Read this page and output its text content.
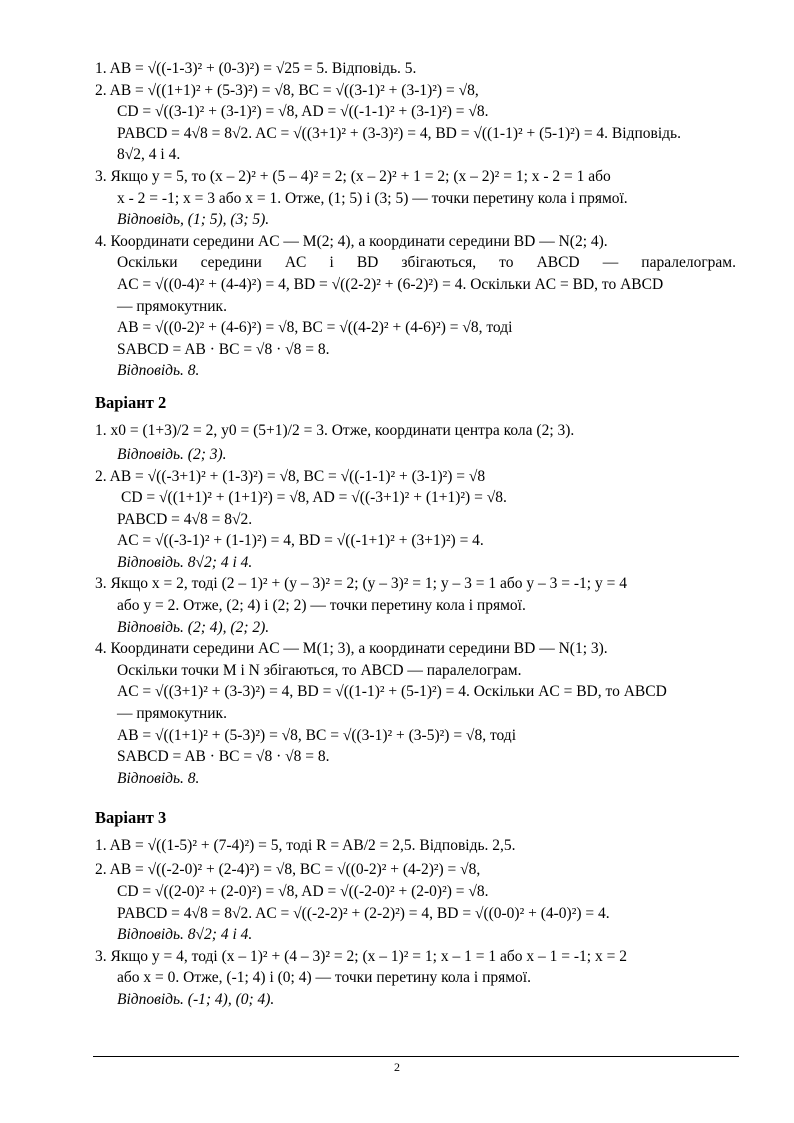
1. AB = √((-1-3)² + (0-3)²) = √25 = 5. Відповідь. 5.
2. AB = √((1+1)² + (5-3)²) = √8, BC = √((3-1)² + (3-1)²) = √8,
CD = √((3-1)² + (3-1)²) = √8, AD = √((-1-1)² + (3-1)²) = √8.
PABCD = 4√8 = 8√2. AC = √((3+1)² + (3-3)²) = 4, BD = √((1-1)² + (5-1)²) = 4. Відповідь.
8√2, 4 і 4.
3. Якщо y = 5, то (x – 2)² + (5 – 4)² = 2; (x – 2)² + 1 = 2; (x – 2)² = 1; x - 2 = 1 або
x - 2 = -1; x = 3 або x = 1. Отже, (1; 5) і (3; 5) — точки перетину кола і прямої.
Відповідь, (1; 5), (3; 5).
4. Координати середини AC — M(2; 4), а координати середини BD — N(2; 4).
Оскільки середини AC і BD збігаються, то ABCD — паралелограм.
AC = √((0-4)² + (4-4)²) = 4, BD = √((2-2)² + (6-2)²) = 4. Оскільки AC = BD, то ABCD
— прямокутник.
AB = √((0-2)² + (4-6)²) = √8, BC = √((4-2)² + (4-6)²) = √8, тоді
SABCD = AB · BC = √8 · √8 = 8.
Відповідь. 8.
Варіант 2
1. x0 = (1+3)/2 = 2, y0 = (5+1)/2 = 3. Отже, координати центра кола (2; 3).
Відповідь. (2; 3).
2. AB = √((-3+1)² + (1-3)²) = √8, BC = √((-1-1)² + (3-1)²) = √8
CD = √((1+1)² + (1+1)²) = √8, AD = √((-3+1)² + (1+1)²) = √8.
PABCD = 4√8 = 8√2.
AC = √((-3-1)² + (1-1)²) = 4, BD = √((-1+1)² + (3+1)²) = 4.
Відповідь. 8√2; 4 і 4.
3. Якщо x = 2, тоді (2 – 1)² + (y – 3)² = 2; (y – 3)² = 1; y – 3 = 1 або y – 3 = -1; y = 4
або y = 2. Отже, (2; 4) і (2; 2) — точки перетину кола і прямої.
Відповідь. (2; 4), (2; 2).
4. Координати середини AC — M(1; 3), а координати середини BD — N(1; 3).
Оскільки точки M і N збігаються, то ABCD — паралелограм.
AC = √((3+1)² + (3-3)²) = 4, BD = √((1-1)² + (5-1)²) = 4. Оскільки AC = BD, то ABCD
— прямокутник.
AB = √((1+1)² + (5-3)²) = √8, BC = √((3-1)² + (3-5)²) = √8, тоді
SABCD = AB · BC = √8 · √8 = 8.
Відповідь. 8.
Варіант 3
1. AB = √((1-5)² + (7-4)²) = 5, тоді R = AB/2 = 2,5. Відповідь. 2,5.
2. AB = √((-2-0)² + (2-4)²) = √8, BC = √((0-2)² + (4-2)²) = √8,
CD = √((2-0)² + (2-0)²) = √8, AD = √((-2-0)² + (2-0)²) = √8.
PABCD = 4√8 = 8√2. AC = √((-2-2)² + (2-2)²) = 4, BD = √((0-0)² + (4-0)²) = 4.
Відповідь. 8√2; 4 і 4.
3. Якщо y = 4, тоді (x – 1)² + (4 – 3)² = 2; (x – 1)² = 1; x – 1 = 1 або x – 1 = -1; x = 2
або x = 0. Отже, (-1; 4) і (0; 4) — точки перетину кола і прямої.
Відповідь. (-1; 4), (0; 4).
2
